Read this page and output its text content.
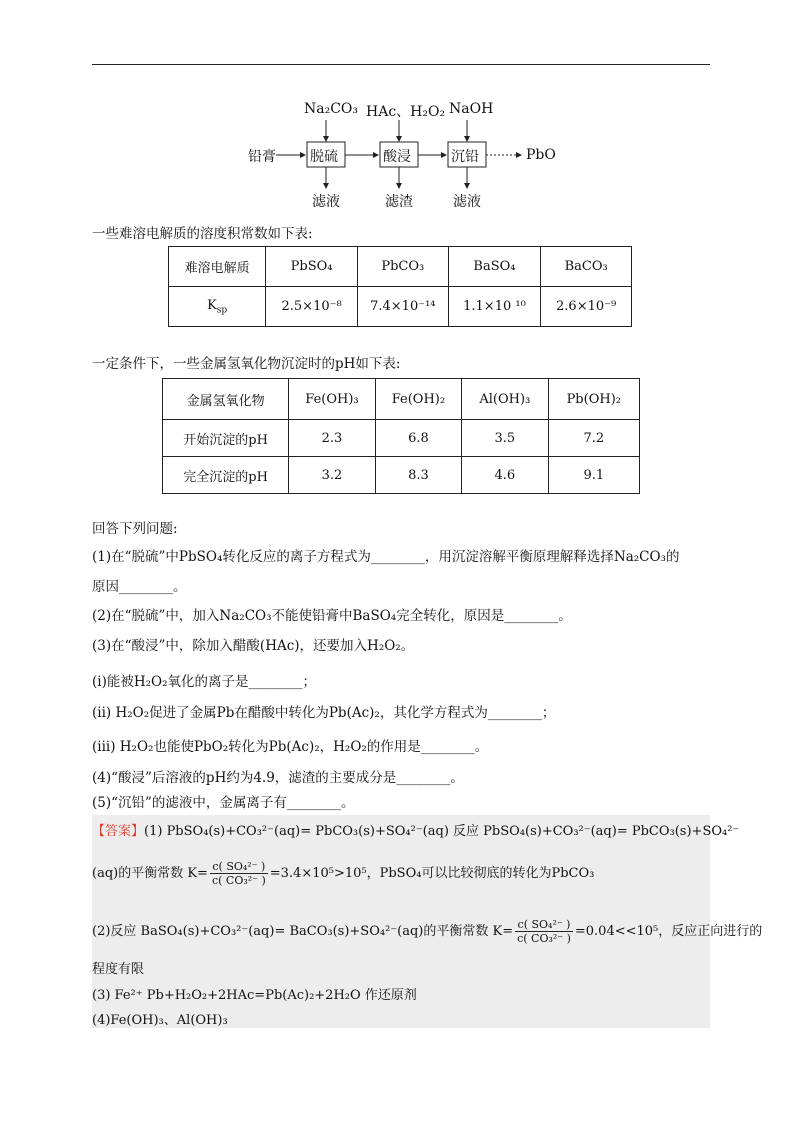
Na₂CO₃ HAc、H₂O₂ NaOH
铅膏 脱硫	酸浸	沉铅	PbO
滤液	滤渣	滤液
一些难溶电解质的溶度积常数如下表:
难溶电解质	PbSO₄	PbCO₃	BaSO₄	BaCO₃
$K_{sp}$	2.5×10⁻⁸	7.4×10⁻¹⁴	1.1×10 ¹⁰	2.6×10⁻⁹
一定条件下，一些金属氢氧化物沉淀时的pH如下表:
金属氢氧化物	Fe(OH)₃	Fe(OH)₂	Al(OH)₃	Pb(OH)₂
开始沉淀的pH	2.3	6.8	3.5	7.2
完全沉淀的pH	3.2	8.3	4.6	9.1
回答下列问题:
(1)在“脱硫”中PbSO₄转化反应的离子方程式为________，用沉淀溶解平衡原理解释选择Na₂CO₃的
原因________。
(2)在“脱硫”中，加入Na₂CO₃不能使铅膏中BaSO₄完全转化，原因是________。
(3)在“酸浸”中，除加入醋酸(HAc)，还要加入H₂O₂。
(i)能被H₂O₂氧化的离子是________；
(ii) H₂O₂促进了金属Pb在醋酸中转化为Pb(Ac)₂，其化学方程式为________；
(iii) H₂O₂也能使PbO₂转化为Pb(Ac)₂，H₂O₂的作用是________。
(4)“酸浸”后溶液的pH约为4.9，滤渣的主要成分是________。
(5)“沉铅”的滤液中，金属离子有________。
【答案】(1) PbSO₄(s)+CO₃²⁻(aq)= PbCO₃(s)+SO₄²⁻(aq) 反应 PbSO₄(s)+CO₃²⁻(aq)= PbCO₃(s)+SO₄²⁻
(aq)的平衡常数 $K= \frac{\text{c( SO₄²⁻ )}}{\text{c( CO₃²⁻ )}} =3.4\times 10^5>10^5$，PbSO₄可以比较彻底的转化为PbCO₃
(2)反应 BaSO₄(s)+CO₃²⁻(aq)= BaCO₃(s)+SO₄²⁻(aq)的平衡常数 $K= \frac{\text{c( SO₄²⁻ )}}{\text{c( CO₃²⁻ )}} =0.04<<10^5$，反应正向进行的
程度有限
(3) Fe²⁺ Pb+H₂O₂+2HAc=Pb(Ac)₂+2H₂O 作还原剂
(4)Fe(OH)₃、Al(OH)₃
